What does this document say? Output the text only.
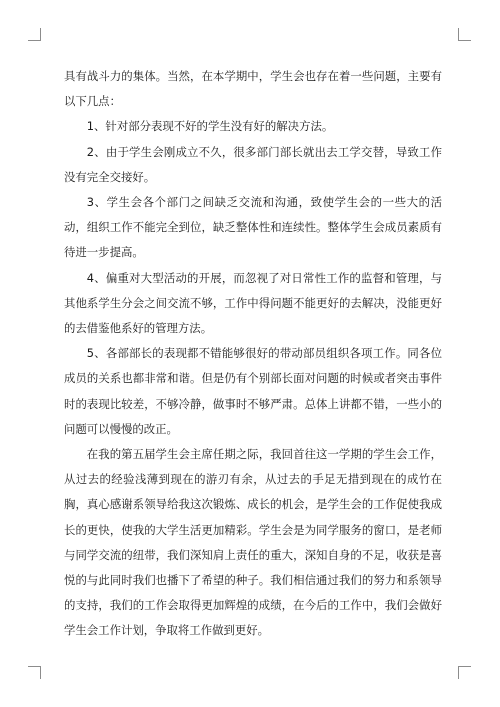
具有战斗力的集体。当然，在本学期中，学生会也存在着一些问题，主要有以下几点：

1、针对部分表现不好的学生没有好的解决方法。

2、由于学生会刚成立不久，很多部门部长就出去工学交替，导致工作没有完全交接好。

3、学生会各个部门之间缺乏交流和沟通，致使学生会的一些大的活动，组织工作不能完全到位，缺乏整体性和连续性。整体学生会成员素质有待进一步提高。

4、偏重对大型活动的开展，而忽视了对日常性工作的监督和管理，与其他系学生分会之间交流不够，工作中得问题不能更好的去解决，没能更好的去借鉴他系好的管理方法。

5、各部部长的表现都不错能够很好的带动部员组织各项工作。同各位成员的关系也都非常和谐。但是仍有个别部长面对问题的时候或者突击事件时的表现比较差，不够冷静，做事时不够严肃。总体上讲都不错，一些小的问题可以慢慢的改正。

在我的第五届学生会主席任期之际，我回首往这一学期的学生会工作，从过去的经验浅薄到现在的游刃有余，从过去的手足无措到现在的成竹在胸，真心感谢系领导给我这次锻炼、成长的机会，是学生会的工作促使我成长的更快，使我的大学生活更加精彩。学生会是为同学服务的窗口，是老师与同学交流的纽带，我们深知肩上责任的重大，深知自身的不足，收获是喜悦的与此同时我们也播下了希望的种子。我们相信通过我们的努力和系领导的支持，我们的工作会取得更加辉煌的成绩，在今后的工作中，我们会做好学生会工作计划，争取将工作做到更好。
